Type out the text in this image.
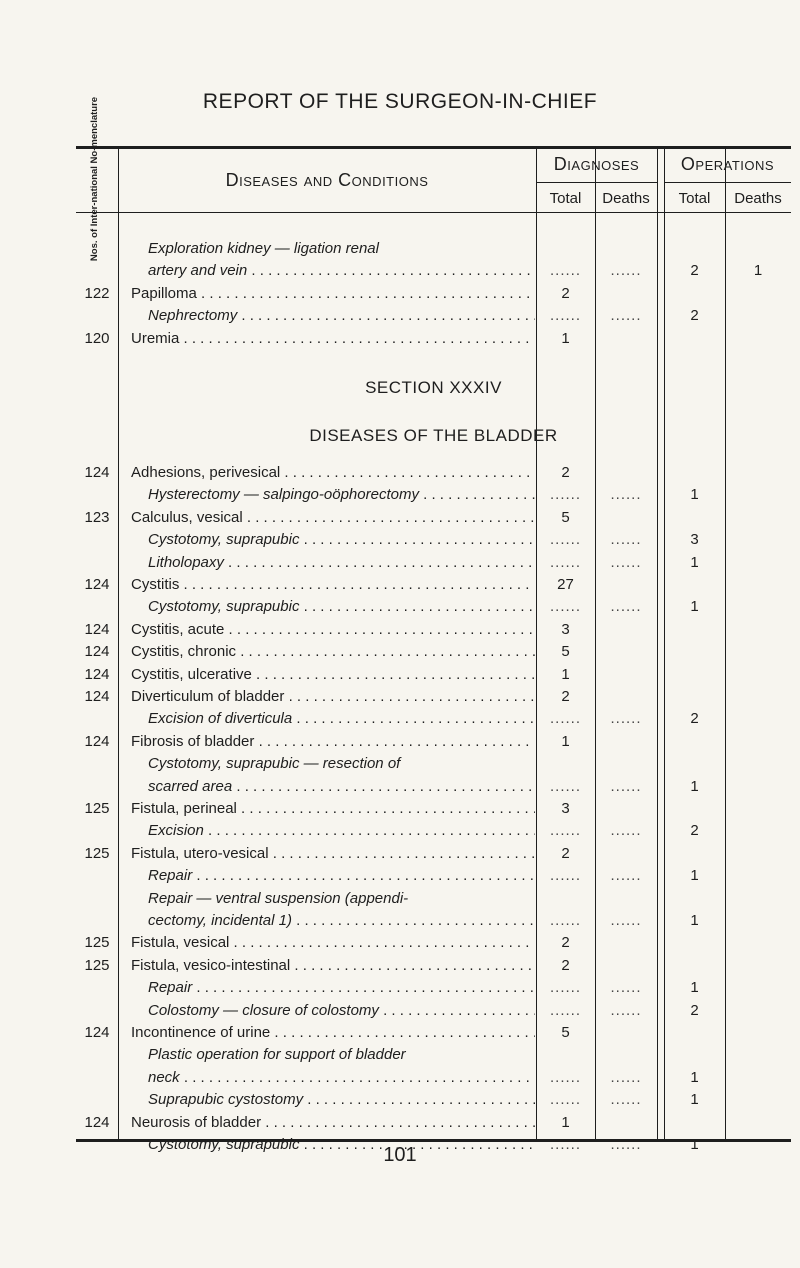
REPORT OF THE SURGEON-IN-CHIEF
Nos. of Inter-national No-menclature	Diseases and Conditions
Diagnoses	Operations
Total	Deaths	Total	Deaths
Exploration kidney — ligation renal
artery and vein . . .	......	......	2	1
122	Papilloma . . .	2
Nephrectomy . . .	......	......	2
120	Uremia . . .	1
SECTION XXXIV
DISEASES OF THE BLADDER
124	Adhesions, perivesical . . .	2
Hysterectomy — salpingo-oöphorectomy . . .	......	......	1
123	Calculus, vesical . . .	5
Cystotomy, suprapubic . . .	......	......	3
Litholopaxy . . .	......	......	1
124	Cystitis . . .	27
Cystotomy, suprapubic . . .	......	......	1
124	Cystitis, acute . . .	3
124	Cystitis, chronic . . .	5
124	Cystitis, ulcerative . . .	1
124	Diverticulum of bladder . . .	2
Excision of diverticula . . .	......	......	2
124	Fibrosis of bladder . . .	1
Cystotomy, suprapubic — resection of
scarred area . . .	......	......	1
125	Fistula, perineal . . .	3
Excision . . .	......	......	2
125	Fistula, utero-vesical . . .	2
Repair . . .	......	......	1
Repair — ventral suspension (appendi-
cectomy, incidental 1) . . .	......	......	1
125	Fistula, vesical . . .	2
125	Fistula, vesico-intestinal . . .	2
Repair . . .	......	......	1
Colostomy — closure of colostomy . . .	......	......	2
124	Incontinence of urine . . .	5
Plastic operation for support of bladder
neck . . .	......	......	1
Suprapubic cystostomy . . .	......	......	1
124	Neurosis of bladder . . .	1
Cystotomy, suprapubic . . .	......	......	1
101
